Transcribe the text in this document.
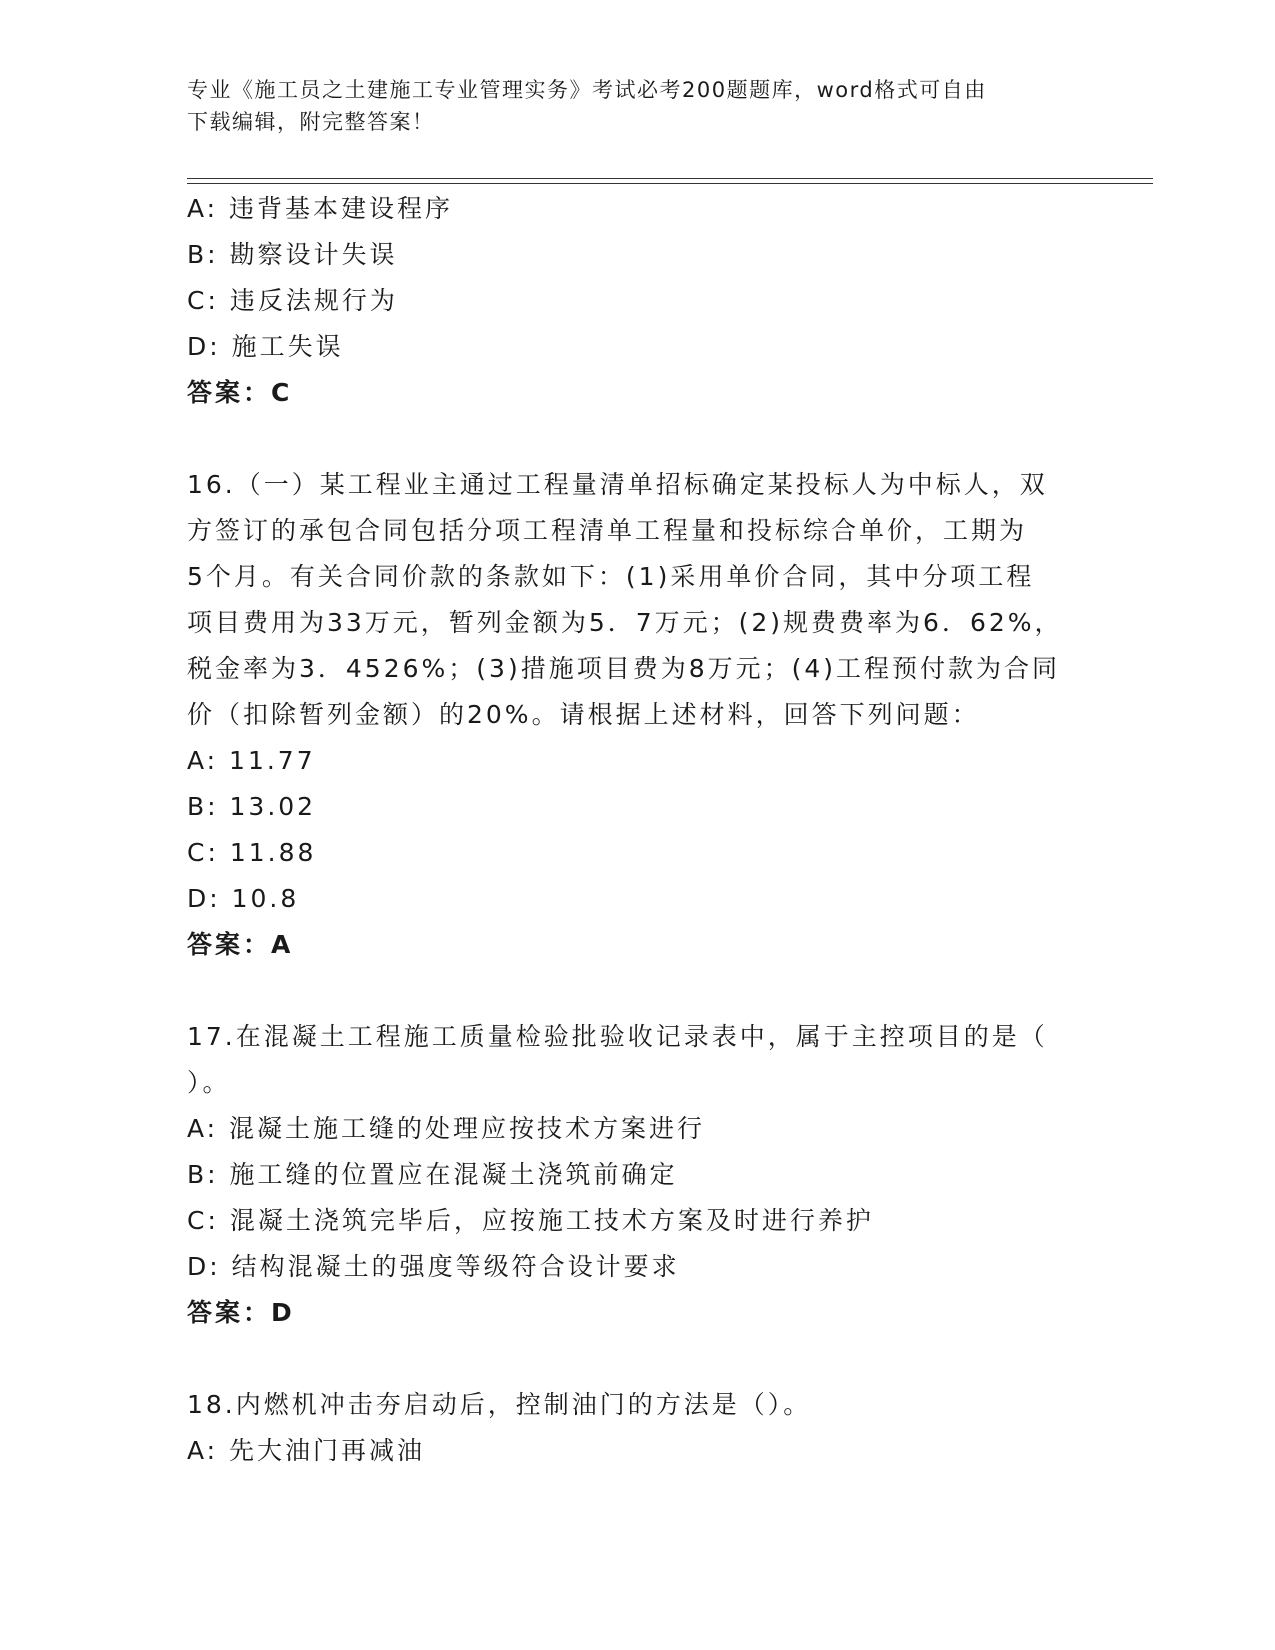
专业《施工员之土建施工专业管理实务》考试必考200题题库，word格式可自由
下载编辑，附完整答案！
A: 违背基本建设程序
B: 勘察设计失误
C: 违反法规行为
D: 施工失误
答案：C
16.（一）某工程业主通过工程量清单招标确定某投标人为中标人，双
方签订的承包合同包括分项工程清单工程量和投标综合单价，工期为
5个月。有关合同价款的条款如下：(1)采用单价合同，其中分项工程
项目费用为33万元，暂列金额为5．7万元；(2)规费费率为6．62%，
税金率为3．4526%；(3)措施项目费为8万元；(4)工程预付款为合同
价（扣除暂列金额）的20%。请根据上述材料，回答下列问题：
A: 11.77
B: 13.02
C: 11.88
D: 10.8
答案：A
17.在混凝土工程施工质量检验批验收记录表中，属于主控项目的是（
）。
A: 混凝土施工缝的处理应按技术方案进行
B: 施工缝的位置应在混凝土浇筑前确定
C: 混凝土浇筑完毕后，应按施工技术方案及时进行养护
D: 结构混凝土的强度等级符合设计要求
答案：D
18.内燃机冲击夯启动后，控制油门的方法是（）。
A: 先大油门再减油
